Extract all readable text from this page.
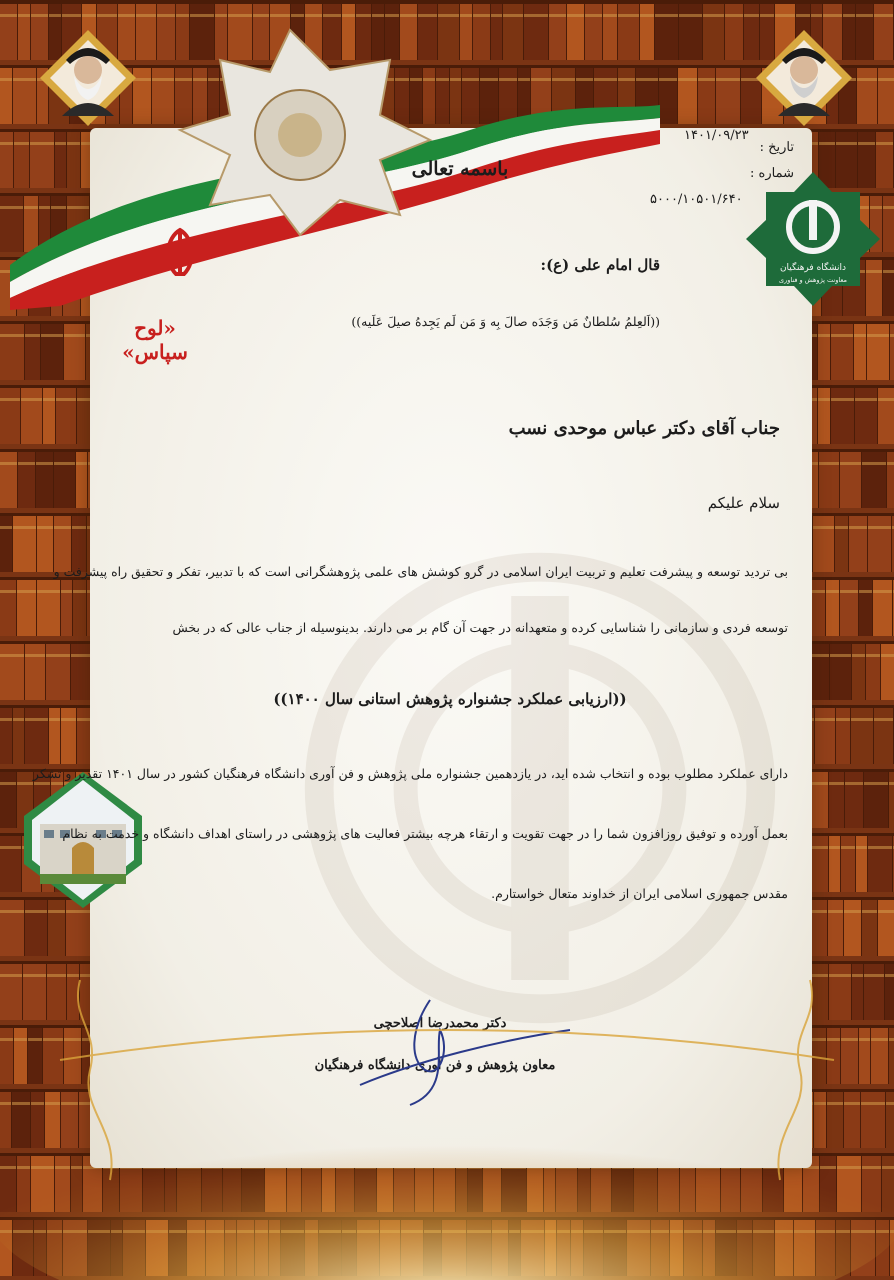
دانشگاه فرهنگیان
معاونت پژوهش و فناوری
تاریخ :
۱۴۰۱/۰۹/۲۳
شماره :
۵۰۰۰/۱۰۵۰۱/۶۴۰
باسمه تعالی
«لوح سپاس»
قال امام علی (ع):
((اَلعِلمُ سُلطانٌ مَن وَجَدَه صالَ بِه وَ مَن لَم یَجِدهُ صیلَ عَلَیه))
جناب آقای دکتر عباس موحدی نسب
سلام علیکم
بی تردید توسعه و پیشرفت تعلیم و تربیت ایران اسلامی در گرو کوشش های علمی پژوهشگرانی است که با تدبیر، تفکر و تحقیق راه پیشرفت و
توسعه فردی و سازمانی را شناسایی کرده و متعهدانه در جهت آن گام بر می دارند. بدینوسیله از جناب عالی که در بخش
((ارزیابی عملکرد جشنواره پژوهش استانی سال ۱۴۰۰))
دارای عملکرد مطلوب بوده و انتخاب شده اید، در یازدهمین جشنواره ملی پژوهش و فن آوری دانشگاه فرهنگیان کشور در سال ۱۴۰۱ تقدیر و تشکر
بعمل آورده و توفیق روزافزون شما را در جهت تقویت و ارتقاء هرچه بیشتر فعالیت های پژوهشی در راستای اهداف دانشگاه و خدمت به نظام
مقدس جمهوری اسلامی ایران از خداوند متعال خواستارم.
دکتر محمدرضا اصلاحچی
معاون پژوهش و فن آوری دانشگاه فرهنگیان
